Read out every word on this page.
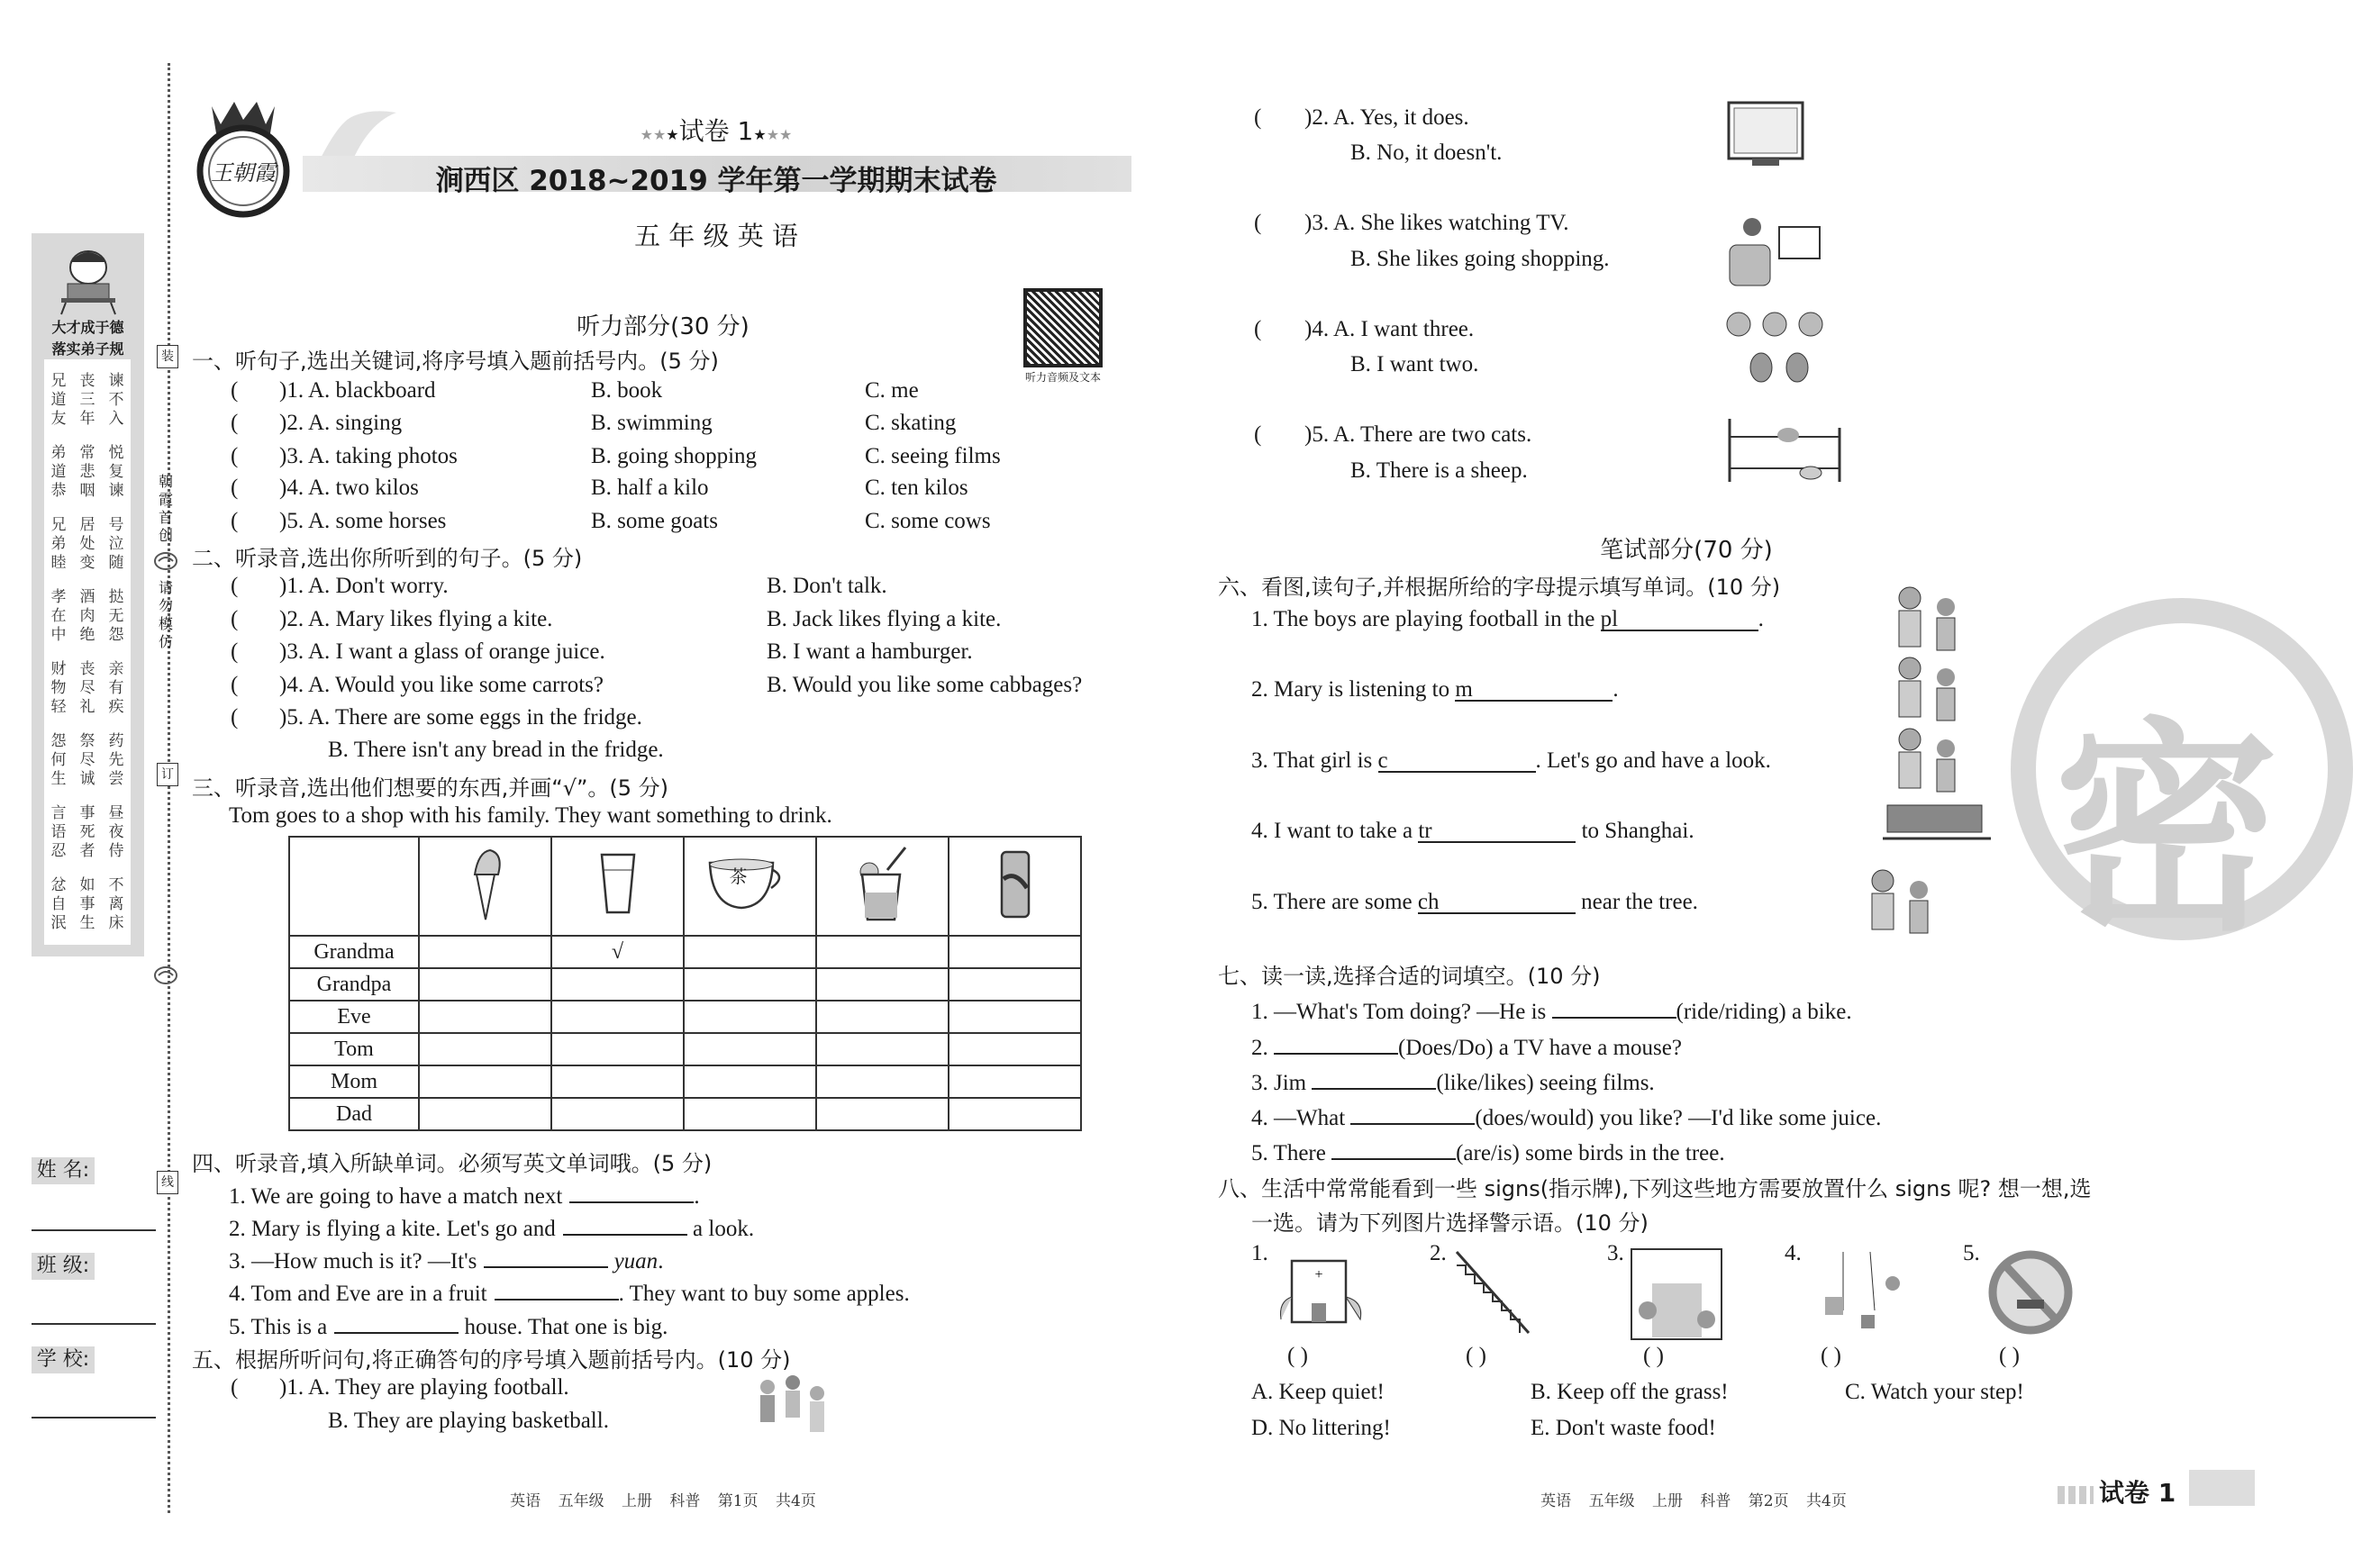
大才成于德
落实弟子规
兄 丧 谏
道 三 不
友 年 入
弟 常 悦
道 悲 复
恭 咽 谏
兄 居 号
弟 处 泣
睦 变 随
孝 酒 挞
在 肉 无
中 绝 怨
财 丧 亲
物 尽 有
轻 礼 疾
怨 祭 药
何 尽 先
生 诚 尝
言 事 昼
语 死 夜
忍 者 侍
忿 如 不
自 事 离
泯 生 床
姓 名:
班 级:
学 校:
装
订
线
朝霞首创
请勿模仿
王朝霞
★★★试卷 1★★★
涧西区 2018~2019 学年第一学期期末试卷
五 年 级 英 语
听力音频及文本
听力部分(30 分)
一、听句子,选出关键词,将序号填入题前括号内。(5 分)
( )1. A. blackboard	B. book	C. me
( )2. A. singing	B. swimming	C. skating
( )3. A. taking photos	B. going shopping	C. seeing films
( )4. A. two kilos	B. half a kilo	C. ten kilos
( )5. A. some horses	B. some goats	C. some cows
二、听录音,选出你所听到的句子。(5 分)
( )1. A. Don't worry.	B. Don't talk.
( )2. A. Mary likes flying a kite.	B. Jack likes flying a kite.
( )3. A. I want a glass of orange juice.	B. I want a hamburger.
( )4. A. Would you like some carrots?	B. Would you like some cabbages?
( )5. A. There are some eggs in the fridge.
B. There isn't any bread in the fridge.
三、听录音,选出他们想要的东西,并画“√”。(5 分)
Tom goes to a shop with his family. They want something to drink.
四、听录音,填入所缺单词。必须写英文单词哦。(5 分)
1. We are going to have a match next	.
2. Mary is flying a kite. Let's go and	a look.
3. —How much is it? —It's	yuan.
4. Tom and Eve are in a fruit	. They want to buy some apples.
5. This is a	house. That one is big.
五、根据所听问句,将正确答句的序号填入题前括号内。(10 分)
( )1. A. They are playing football.
B. They are playing basketball.
			$^茶$		
Grandma		√			
Grandpa					
Eve					
Tom					
Mom					
Dad					
英语 五年级 上册 科普 第1页 共4页
密
( )2. A. Yes, it does.
B. No, it doesn't.
( )3. A. She likes watching TV.
B. She likes going shopping.
( )4. A. I want three.
B. I want two.
( )5. A. There are two cats.
B. There is a sheep.
六、看图,读句子,并根据所给的字母提示填写单词。(10 分)
1. The boys are playing football in the pl	.
2. Mary is listening to m	.
3. That girl is c	. Let's go and have a look.
4. I want to take a tr	to Shanghai.
5. There are some ch	near the tree.
七、读一读,选择合适的词填空。(10 分)
1. —What's Tom doing? —He is	(ride/riding) a bike.
2.	(Does/Do) a TV have a mouse?
3. Jim	(like/likes) seeing films.
4. —What	(does/would) you like? —I'd like some juice.
5. There	(are/is) some birds in the tree.
八、生活中常常能看到一些 signs(指示牌),下列这些地方需要放置什么 signs 呢? 想一想,选
一选。请为下列图片选择警示语。(10 分)
1.
+
( )
2.
( )
3.
( )
4.
( )
5.
( )
A. Keep quiet!	B. Keep off the grass!	C. Watch your step!
D. No littering!	E. Don't waste food!
笔试部分(70 分)
英语 五年级 上册 科普 第2页 共4页	试卷 1
